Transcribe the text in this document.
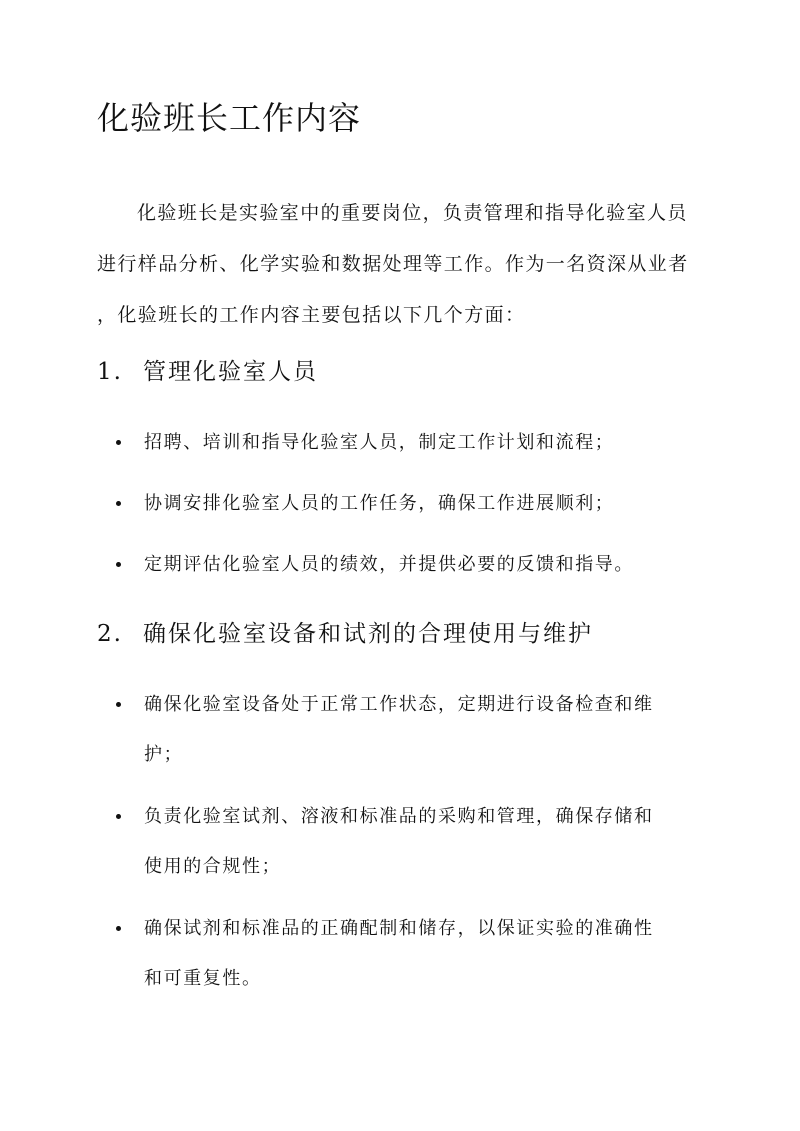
化验班长工作内容
化验班长是实验室中的重要岗位，负责管理和指导化验室人员
进行样品分析、化学实验和数据处理等工作。作为一名资深从业者
，化验班长的工作内容主要包括以下几个方面：
1. 管理化验室人员
招聘、培训和指导化验室人员，制定工作计划和流程；
协调安排化验室人员的工作任务，确保工作进展顺利；
定期评估化验室人员的绩效，并提供必要的反馈和指导。
2. 确保化验室设备和试剂的合理使用与维护
确保化验室设备处于正常工作状态，定期进行设备检查和维
护；
负责化验室试剂、溶液和标准品的采购和管理，确保存储和
使用的合规性；
确保试剂和标准品的正确配制和储存，以保证实验的准确性
和可重复性。
